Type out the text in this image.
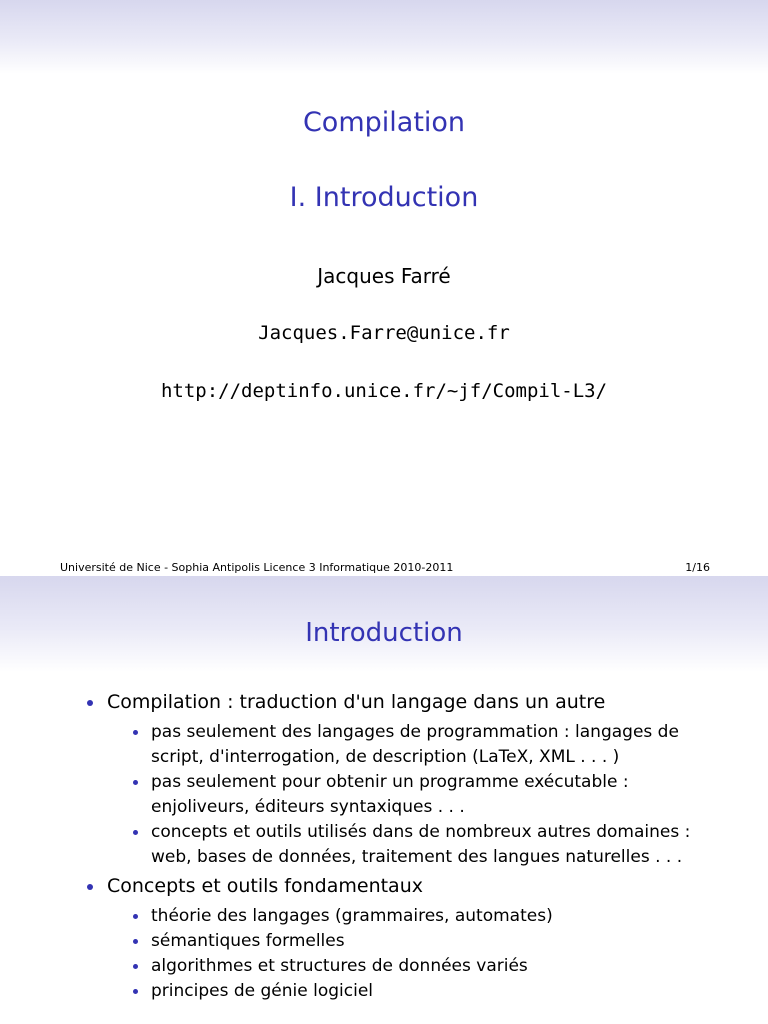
Compilation
I. Introduction
Jacques Farré
Jacques.Farre@unice.fr
http://deptinfo.unice.fr/~jf/Compil-L3/
Université de Nice - Sophia Antipolis Licence 3 Informatique 2010-2011	1/16
Introduction
Compilation : traduction d'un langage dans un autre
pas seulement des langages de programmation : langages de script, d'interrogation, de description (LaTeX, XML . . . )
pas seulement pour obtenir un programme exécutable : enjoliveurs, éditeurs syntaxiques . . .
concepts et outils utilisés dans de nombreux autres domaines : web, bases de données, traitement des langues naturelles . . .
Concepts et outils fondamentaux
théorie des langages (grammaires, automates)
sémantiques formelles
algorithmes et structures de données variés
principes de génie logiciel
